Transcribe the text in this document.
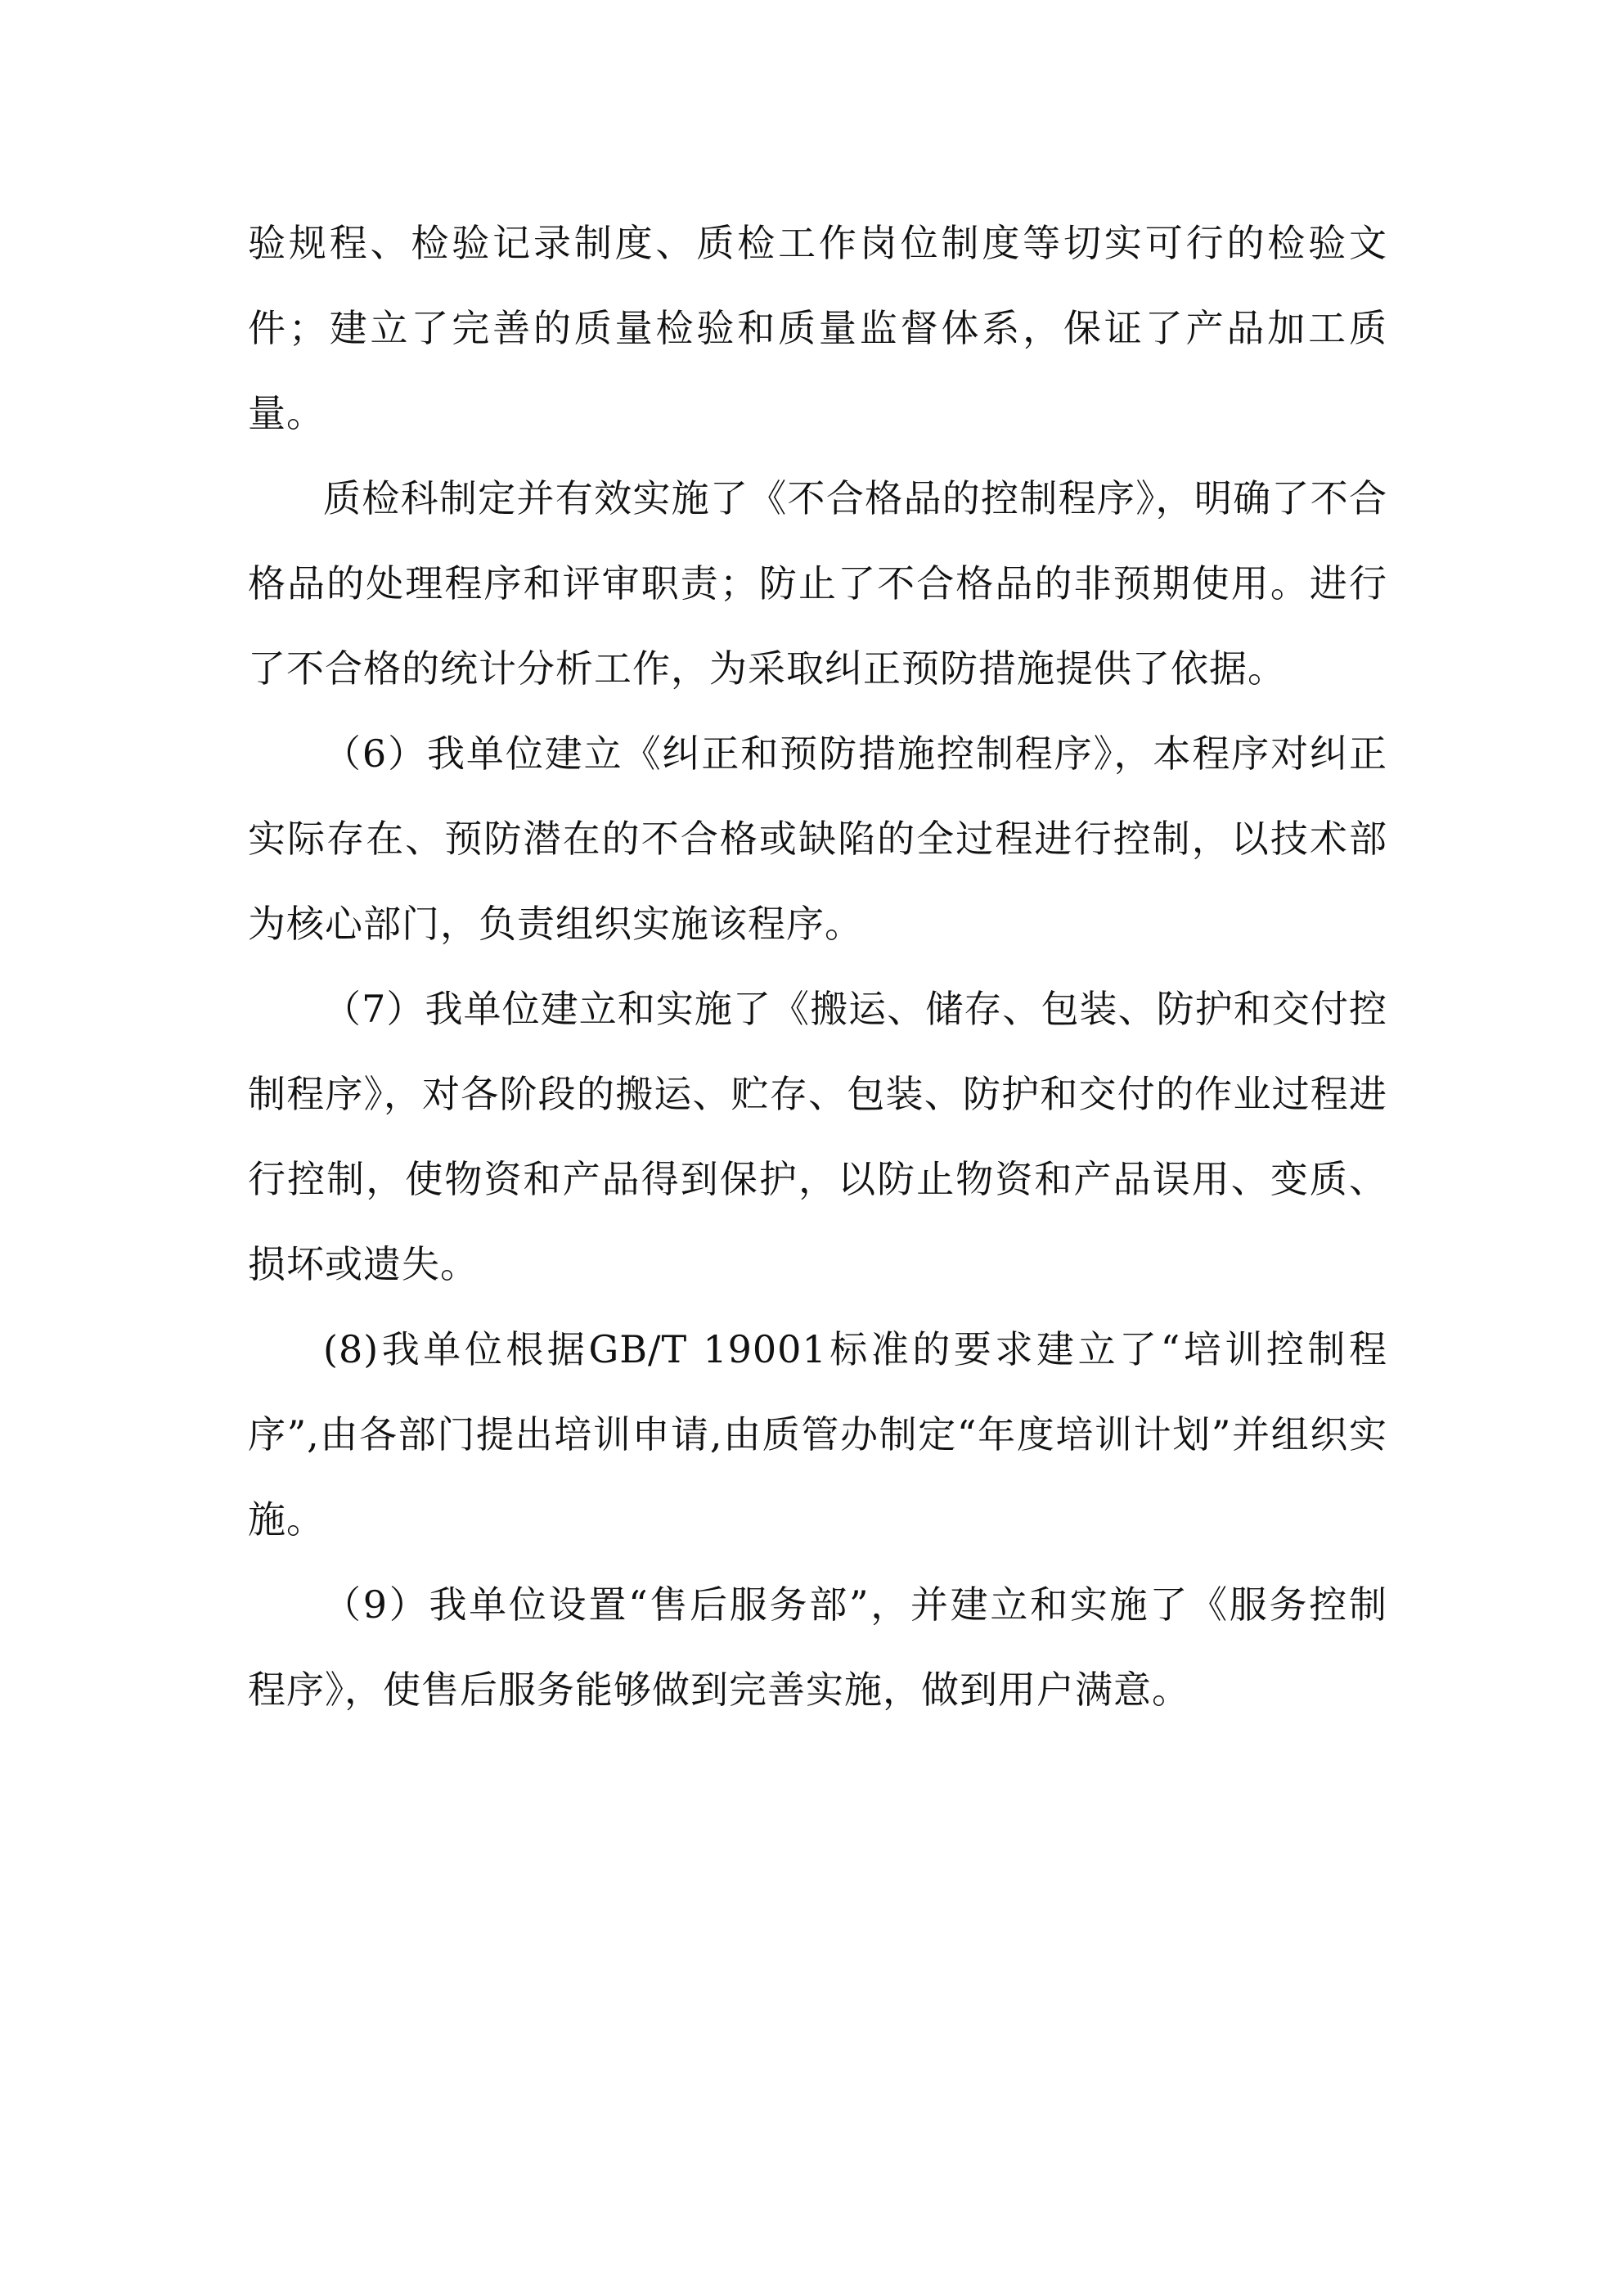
验规程、检验记录制度、质检工作岗位制度等切实可行的检验文件；建立了完善的质量检验和质量监督体系，保证了产品加工质量。

质检科制定并有效实施了《不合格品的控制程序》，明确了不合格品的处理程序和评审职责；防止了不合格品的非预期使用。进行了不合格的统计分析工作，为采取纠正预防措施提供了依据。

（6）我单位建立《纠正和预防措施控制程序》，本程序对纠正实际存在、预防潜在的不合格或缺陷的全过程进行控制，以技术部为核心部门，负责组织实施该程序。

（7）我单位建立和实施了《搬运、储存、包装、防护和交付控制程序》，对各阶段的搬运、贮存、包装、防护和交付的作业过程进行控制，使物资和产品得到保护，以防止物资和产品误用、变质、损坏或遗失。

(8)我单位根据GB/T 19001标准的要求建立了“培训控制程序”,由各部门提出培训申请,由质管办制定“年度培训计划”并组织实施。

（9）我单位设置“售后服务部”，并建立和实施了《服务控制程序》，使售后服务能够做到完善实施，做到用户满意。
